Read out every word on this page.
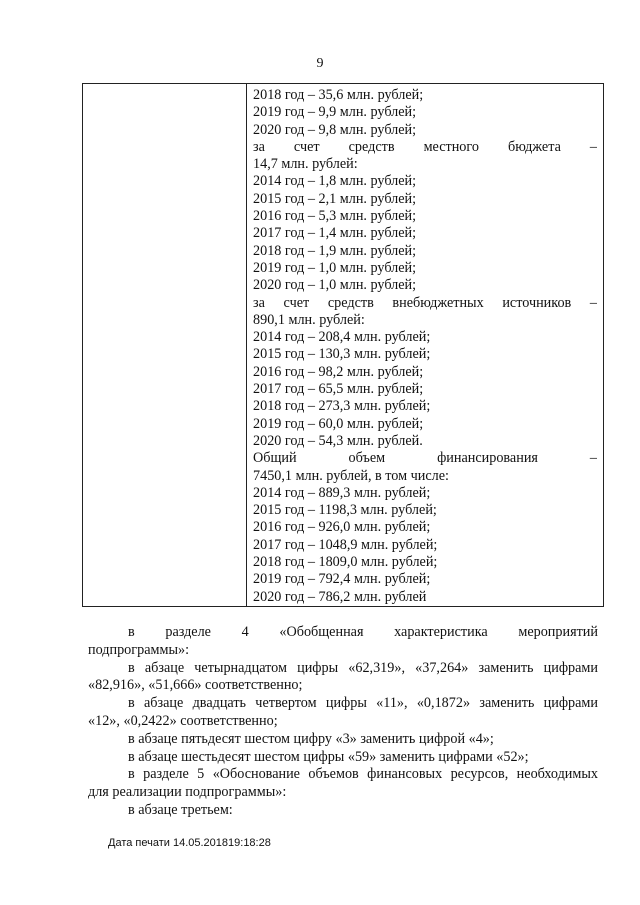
9
2018 год – 35,6 млн. рублей;
2019 год – 9,9 млн. рублей;
2020 год – 9,8 млн. рублей;
за счет средств местного бюджета –
14,7 млн. рублей:
2014 год – 1,8 млн. рублей;
2015 год – 2,1 млн. рублей;
2016 год – 5,3 млн. рублей;
2017 год – 1,4 млн. рублей;
2018 год – 1,9 млн. рублей;
2019 год – 1,0 млн. рублей;
2020 год – 1,0 млн. рублей;
за счет средств внебюджетных источников –
890,1 млн. рублей:
2014 год – 208,4 млн. рублей;
2015 год – 130,3 млн. рублей;
2016 год – 98,2 млн. рублей;
2017 год – 65,5 млн. рублей;
2018 год – 273,3 млн. рублей;
2019 год – 60,0 млн. рублей;
2020 год – 54,3 млн. рублей.
Общий объем финансирования –
7450,1 млн. рублей, в том числе:
2014 год – 889,3 млн. рублей;
2015 год – 1198,3 млн. рублей;
2016 год – 926,0 млн. рублей;
2017 год – 1048,9 млн. рублей;
2018 год – 1809,0 млн. рублей;
2019 год – 792,4 млн. рублей;
2020 год – 786,2 млн. рублей
в разделе 4 «Обобщенная характеристика мероприятий
подпрограммы»:
в абзаце четырнадцатом цифры «62,319», «37,264» заменить цифрами
«82,916», «51,666» соответственно;
в абзаце двадцать четвертом цифры «11», «0,1872» заменить цифрами
«12», «0,2422» соответственно;
в абзаце пятьдесят шестом цифру «3» заменить цифрой «4»;
в абзаце шестьдесят шестом цифры «59» заменить цифрами «52»;
в разделе 5 «Обоснование объемов финансовых ресурсов, необходимых
для реализации подпрограммы»:
в абзаце третьем:
Дата печати 14.05.201819:18:28
